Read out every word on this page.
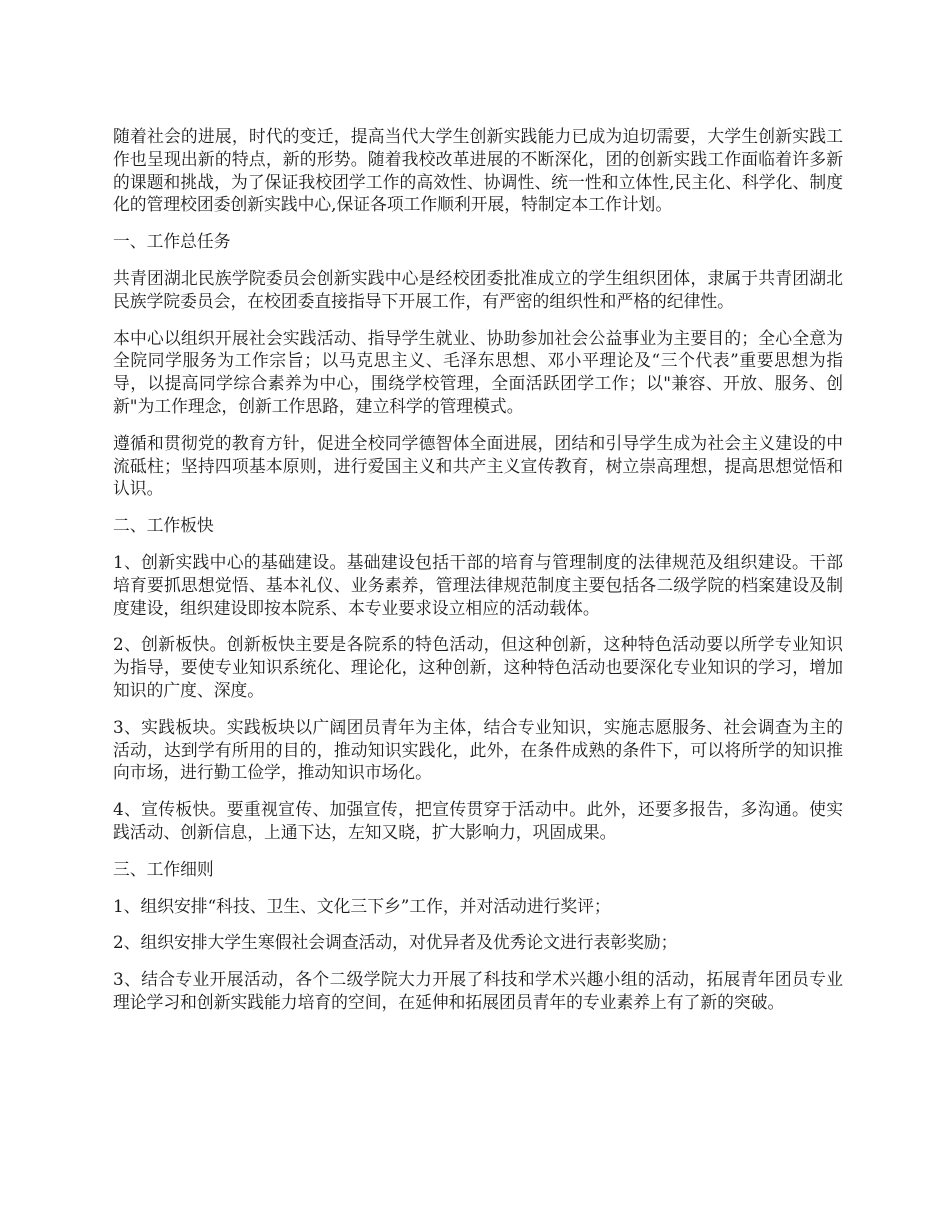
随着社会的进展，时代的变迁，提高当代大学生创新实践能力已成为迫切需要，大学生创新实践工作也呈现出新的特点，新的形势。随着我校改革进展的不断深化，团的创新实践工作面临着许多新的课题和挑战，为了保证我校团学工作的高效性、协调性、统一性和立体性,民主化、科学化、制度化的管理校团委创新实践中心,保证各项工作顺利开展，特制定本工作计划。

一、工作总任务

共青团湖北民族学院委员会创新实践中心是经校团委批准成立的学生组织团体，隶属于共青团湖北民族学院委员会，在校团委直接指导下开展工作，有严密的组织性和严格的纪律性。

本中心以组织开展社会实践活动、指导学生就业、协助参加社会公益事业为主要目的；全心全意为全院同学服务为工作宗旨；以马克思主义、毛泽东思想、邓小平理论及“三个代表”重要思想为指导，以提高同学综合素养为中心，围绕学校管理，全面活跃团学工作；以"兼容、开放、服务、创新"为工作理念，创新工作思路，建立科学的管理模式。

遵循和贯彻党的教育方针，促进全校同学德智体全面进展，团结和引导学生成为社会主义建设的中流砥柱；坚持四项基本原则，进行爱国主义和共产主义宣传教育，树立崇高理想，提高思想觉悟和认识。

二、工作板快

1、创新实践中心的基础建设。基础建设包括干部的培育与管理制度的法律规范及组织建设。干部培育要抓思想觉悟、基本礼仪、业务素养，管理法律规范制度主要包括各二级学院的档案建设及制度建设，组织建设即按本院系、本专业要求设立相应的活动载体。

2、创新板快。创新板快主要是各院系的特色活动，但这种创新，这种特色活动要以所学专业知识为指导，要使专业知识系统化、理论化，这种创新，这种特色活动也要深化专业知识的学习，增加知识的广度、深度。

3、实践板块。实践板块以广阔团员青年为主体，结合专业知识，实施志愿服务、社会调查为主的活动，达到学有所用的目的，推动知识实践化，此外，在条件成熟的条件下，可以将所学的知识推向市场，进行勤工俭学，推动知识市场化。

4、宣传板快。要重视宣传、加强宣传，把宣传贯穿于活动中。此外，还要多报告，多沟通。使实践活动、创新信息，上通下达，左知又晓，扩大影响力，巩固成果。

三、工作细则

1、组织安排“科技、卫生、文化三下乡”工作，并对活动进行奖评；

2、组织安排大学生寒假社会调查活动，对优异者及优秀论文进行表彰奖励；

3、结合专业开展活动，各个二级学院大力开展了科技和学术兴趣小组的活动，拓展青年团员专业理论学习和创新实践能力培育的空间，在延伸和拓展团员青年的专业素养上有了新的突破。
